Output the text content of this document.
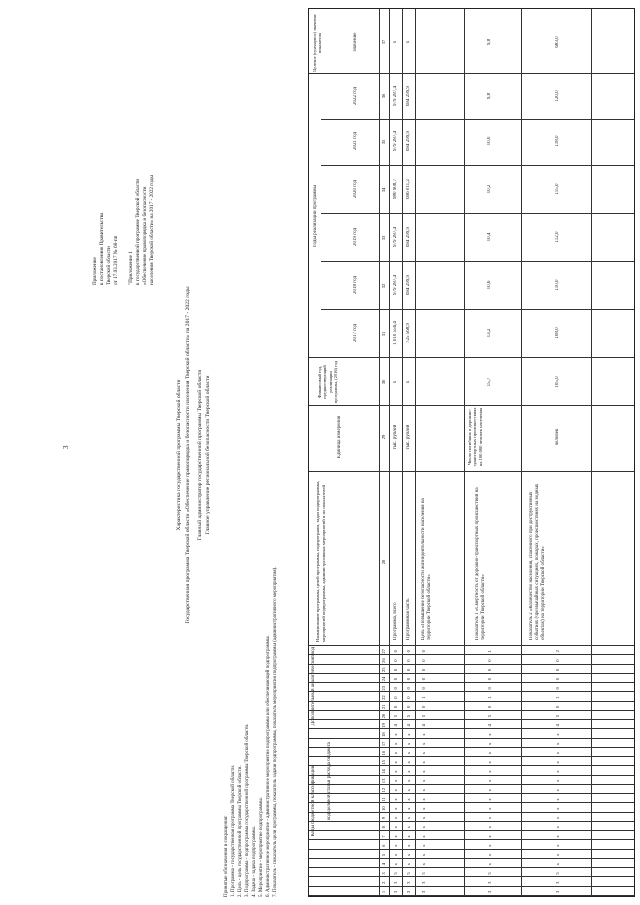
3
Приложение к постановлению Правительства Тверской области от 17.03.2017 № 68-пп "Приложение 1 к государственной программе Тверской области «Обеспечение правопорядка и безопасности населения Тверской области» на 2017 - 2022 годы
Характеристика государственной программы Тверской области Государственная программа Тверской области «Обеспечение правопорядка и безопасности населения Тверской области» на 2017 - 2022 годы Главный администратор государственной программы Тверской области Главное управление региональной безопасности Тверской области
Принятые обозначения и сокращения: 1. Программа - государственная программа Тверской области. 2. Цель - цель государственной программы Тверской области. 3. Подпрограмма - подпрограмма государственной программы Тверской области. 4. Задача - задача подпрограммы. 5. Мероприятие - мероприятие подпрограммы. 6. Административное мероприятие - административное мероприятие подпрограммы или обеспечивающей подпрограммы. 7. Показатель - показатель цели программы, показатель задачи подпрограммы, показатель мероприятия подпрограммы (административного мероприятия).	Коды бюджетной классификации код целевой статьи расхода бюджета
Дополнительный аналитический код
Наименование программы, целей программы, подпрограмм, задач подпрограммы, мероприятий подпрограммы, административных мероприятий и их показателей
Единица измерения
Финансовый год, предшествующий реализации программы, (2016) год
Годы реализации программы
Целевое (суммарное) значение показателя
2017 год
2018 год
2019 год
2020 год
2021 год
2022 год
значение
Программа, всего
тыс. рублей
x
1 010 556,4
979 287,4
979 287,4
980 908,7
979 287,4
979 287,4
x
Программная часть
тыс. рублей
x
725 568,9
694 299,9
694 299,9
696 011,2
694 299,9
694 299,9
x
Цель «Повышение безопасности жизнедеятельности населения на территории Тверской области»	Показатель 1 «Смертность от дорожно-транспортных происшествий на территории Тверской области»
Число погибших в дорожно-транспортных происшествиях на 100 000 человек населения
15,7
13,2
10,6
10,4
10,2
10,0
9,8
9,8
Показатель 2 «Количество населения, спасенного при деструктивных событиях (чрезвычайных ситуациях, пожарах, происшествиях на водных объектах) на территории Тверской области»
человек
105,0
108,0
110,0
112,0
115,0
118,0
120,0
683,0
1
2
3
4
5
6
7
8
9
10
11
12
13
14
15
16
17
18
19
20
21
22
23
24
25
26
27
28
29
30
31
32
33
34
35
36
37
3
3
5
x
x
x
x
x
x
x
x
x
x
x
x
x
x
x
4
5
0
0
0
0
0
0
0
3
3
5
x
x
x
x
x
x
x
x
x
x
x
x
x
x
x
4
5
0
0
0
0
0
0
0
3
3
5
x
x
x
x
x
x
x
x
x
x
x
x
x
x
x
4
5
0
1
0
0
0
0
0
3
3
5
x
x
x
x
x
x
x
x
x
x
x
x
x
x
x
4
5
0
1
0
0
0
0
1
3
3
5
x
x
x
x
x
x
x
x
x
x
x
x
x
x
x
4
5
0
1
0
0
0
0
2
